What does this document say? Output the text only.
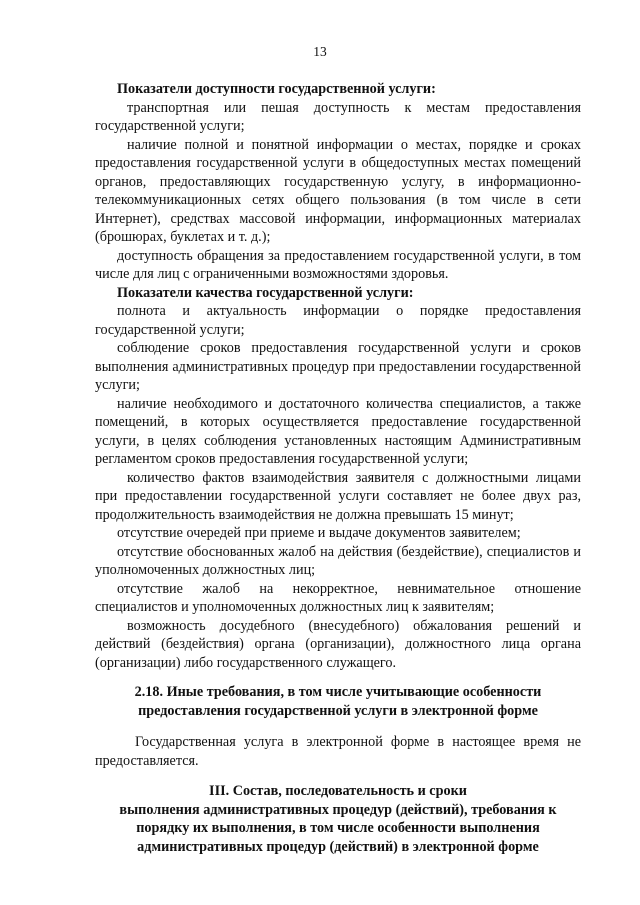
13

Показатели доступности государственной услуги:

транспортная или пешая доступность к местам предоставления государственной услуги;

наличие полной и понятной информации о местах, порядке и сроках предоставления государственной услуги в общедоступных местах помещений органов, предоставляющих государственную услугу, в информационно-телекоммуникационных сетях общего пользования (в том числе в сети Интернет), средствах массовой информации, информационных материалах (брошюрах, буклетах и т. д.);

доступность обращения за предоставлением государственной услуги, в том числе для лиц с ограниченными возможностями здоровья.

Показатели качества государственной услуги:

полнота и актуальность информации о порядке предоставления государственной услуги;

соблюдение сроков предоставления государственной услуги и сроков выполнения административных процедур при предоставлении государственной услуги;

наличие необходимого и достаточного количества специалистов, а также помещений, в которых осуществляется предоставление государственной услуги, в целях соблюдения установленных настоящим Административным регламентом сроков предоставления государственной услуги;

количество фактов взаимодействия заявителя с должностными лицами при предоставлении государственной услуги составляет не более двух раз, продолжительность взаимодействия не должна превышать 15 минут;

отсутствие очередей при приеме и выдаче документов заявителем;

отсутствие обоснованных жалоб на действия (бездействие), специалистов и уполномоченных должностных лиц;

отсутствие жалоб на некорректное, невнимательное отношение специалистов и уполномоченных должностных лиц к заявителям;

возможность досудебного (внесудебного) обжалования решений и действий (бездействия) органа (организации), должностного лица органа (организации) либо государственного служащего.

2.18. Иные требования, в том числе учитывающие особенности
предоставления государственной услуги в электронной форме

Государственная услуга в электронной форме в настоящее время не предоставляется.

III. Состав, последовательность и сроки
выполнения административных процедур (действий), требования к
порядку их выполнения, в том числе особенности выполнения
административных процедур (действий) в электронной форме
